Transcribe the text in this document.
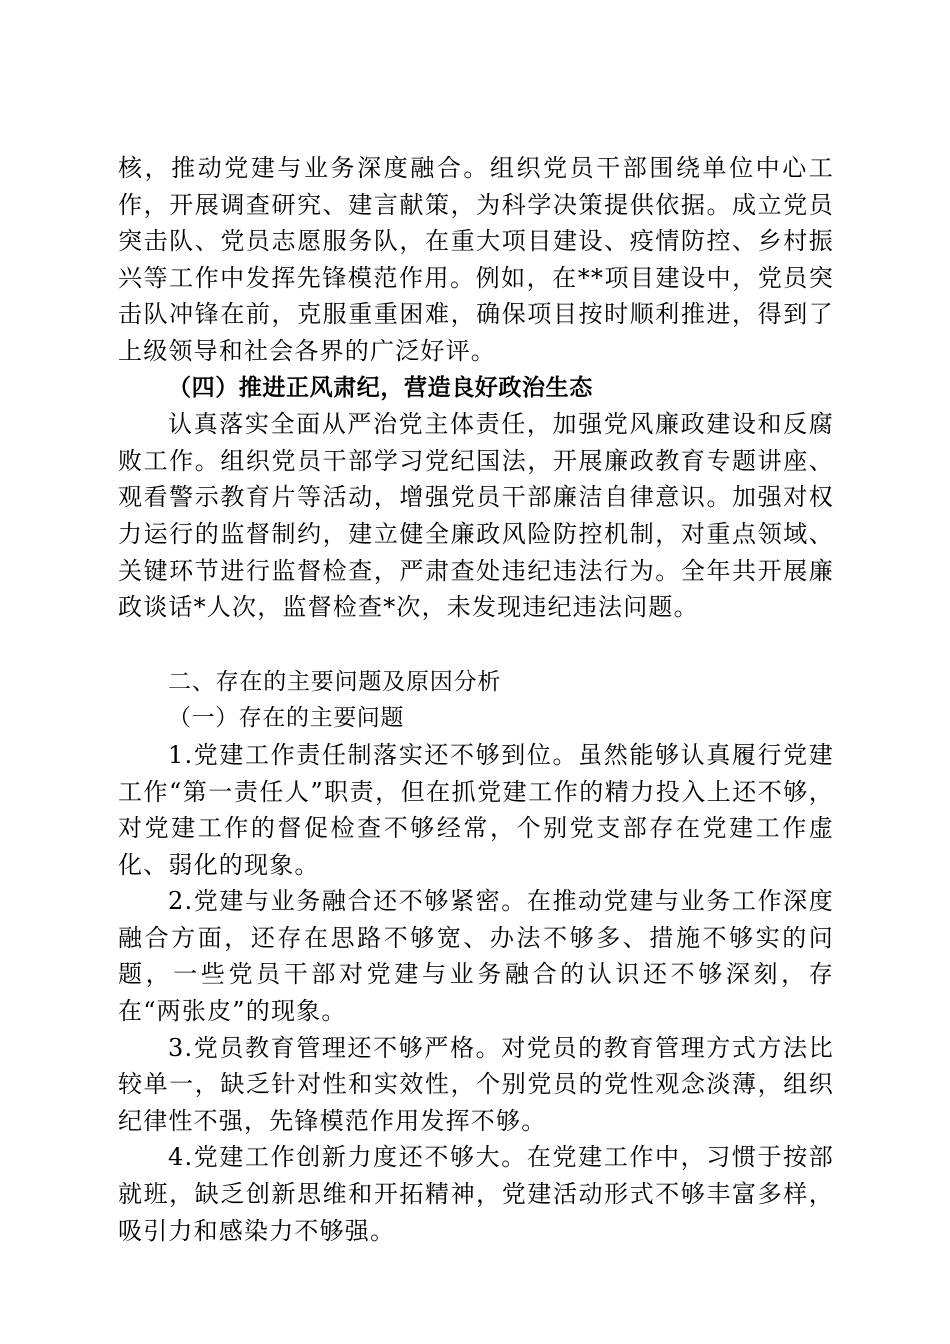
核，推动党建与业务深度融合。组织党员干部围绕单位中心工作，开展调查研究、建言献策，为科学决策提供依据。成立党员突击队、党员志愿服务队，在重大项目建设、疫情防控、乡村振兴等工作中发挥先锋模范作用。例如，在**项目建设中，党员突击队冲锋在前，克服重重困难，确保项目按时顺利推进，得到了上级领导和社会各界的广泛好评。

（四）推进正风肃纪，营造良好政治生态

认真落实全面从严治党主体责任，加强党风廉政建设和反腐败工作。组织党员干部学习党纪国法，开展廉政教育专题讲座、观看警示教育片等活动，增强党员干部廉洁自律意识。加强对权力运行的监督制约，建立健全廉政风险防控机制，对重点领域、关键环节进行监督检查，严肃查处违纪违法行为。全年共开展廉政谈话*人次，监督检查*次，未发现违纪违法问题。

二、存在的主要问题及原因分析

（一）存在的主要问题

1.党建工作责任制落实还不够到位。虽然能够认真履行党建工作“第一责任人”职责，但在抓党建工作的精力投入上还不够，对党建工作的督促检查不够经常，个别党支部存在党建工作虚化、弱化的现象。

2.党建与业务融合还不够紧密。在推动党建与业务工作深度融合方面，还存在思路不够宽、办法不够多、措施不够实的问题，一些党员干部对党建与业务融合的认识还不够深刻，存在“两张皮”的现象。

3.党员教育管理还不够严格。对党员的教育管理方式方法比较单一，缺乏针对性和实效性，个别党员的党性观念淡薄，组织纪律性不强，先锋模范作用发挥不够。

4.党建工作创新力度还不够大。在党建工作中，习惯于按部就班，缺乏创新思维和开拓精神，党建活动形式不够丰富多样，吸引力和感染力不够强。
